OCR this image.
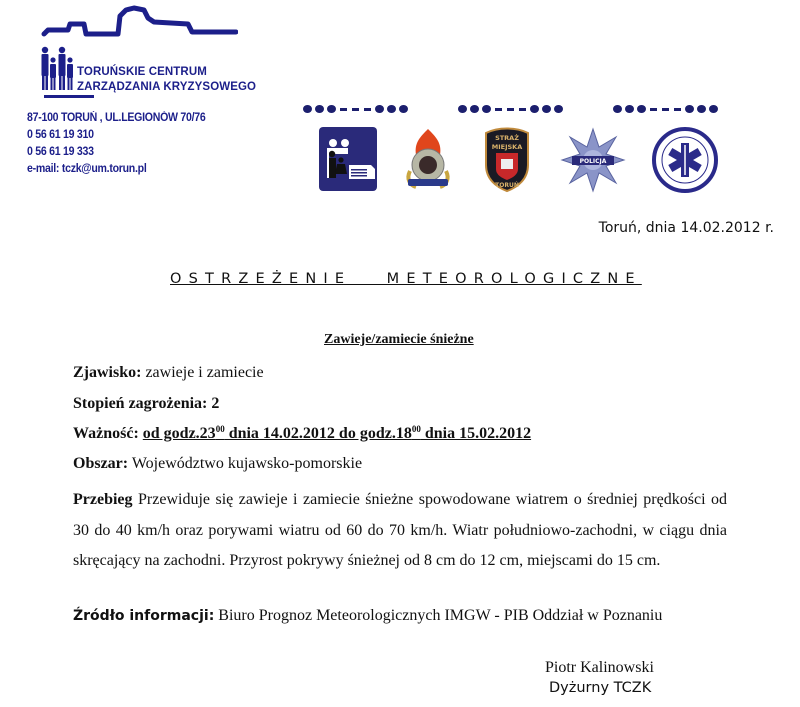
TORUŃSKIE CENTRUM
ZARZĄDZANIA KRYZYSOWEGO
87-100 TORUŃ , UL.LEGIONÓW 70/76
0 56 61 19 310
0 56 61 19 333
e-mail: tczk@um.torun.pl
STRAŻ
MIEJSKA
TORUŃ
POLICJA
Toruń, dnia 14.02.2012 r.
OSTRZEŻENIE   METEOROLOGICZNE
Zawieje/zamiecie śnieżne
Zjawisko: zawieje i zamiecie
Stopień zagrożenia: 2
Ważność: od $godz.23^{00}$ dnia 14.02.2012 do $godz.18^{00}$ dnia 15.02.2012
Obszar: Województwo kujawsko-pomorskie
Przebieg Przewiduje się zawieje i zamiecie śnieżne spowodowane wiatrem o średniej prędkości od 30 do 40 km/h oraz porywami wiatru od 60 do 70 km/h. Wiatr południowo-zachodni, w ciągu dnia skręcający na zachodni. Przyrost pokrywy śnieżnej od 8 cm do 12 cm, miejscami do 15 cm.
Źródło informacji: Biuro Prognoz Meteorologicznych IMGW - PIB Oddział w Poznaniu
Piotr Kalinowski
Dyżurny TCZK
